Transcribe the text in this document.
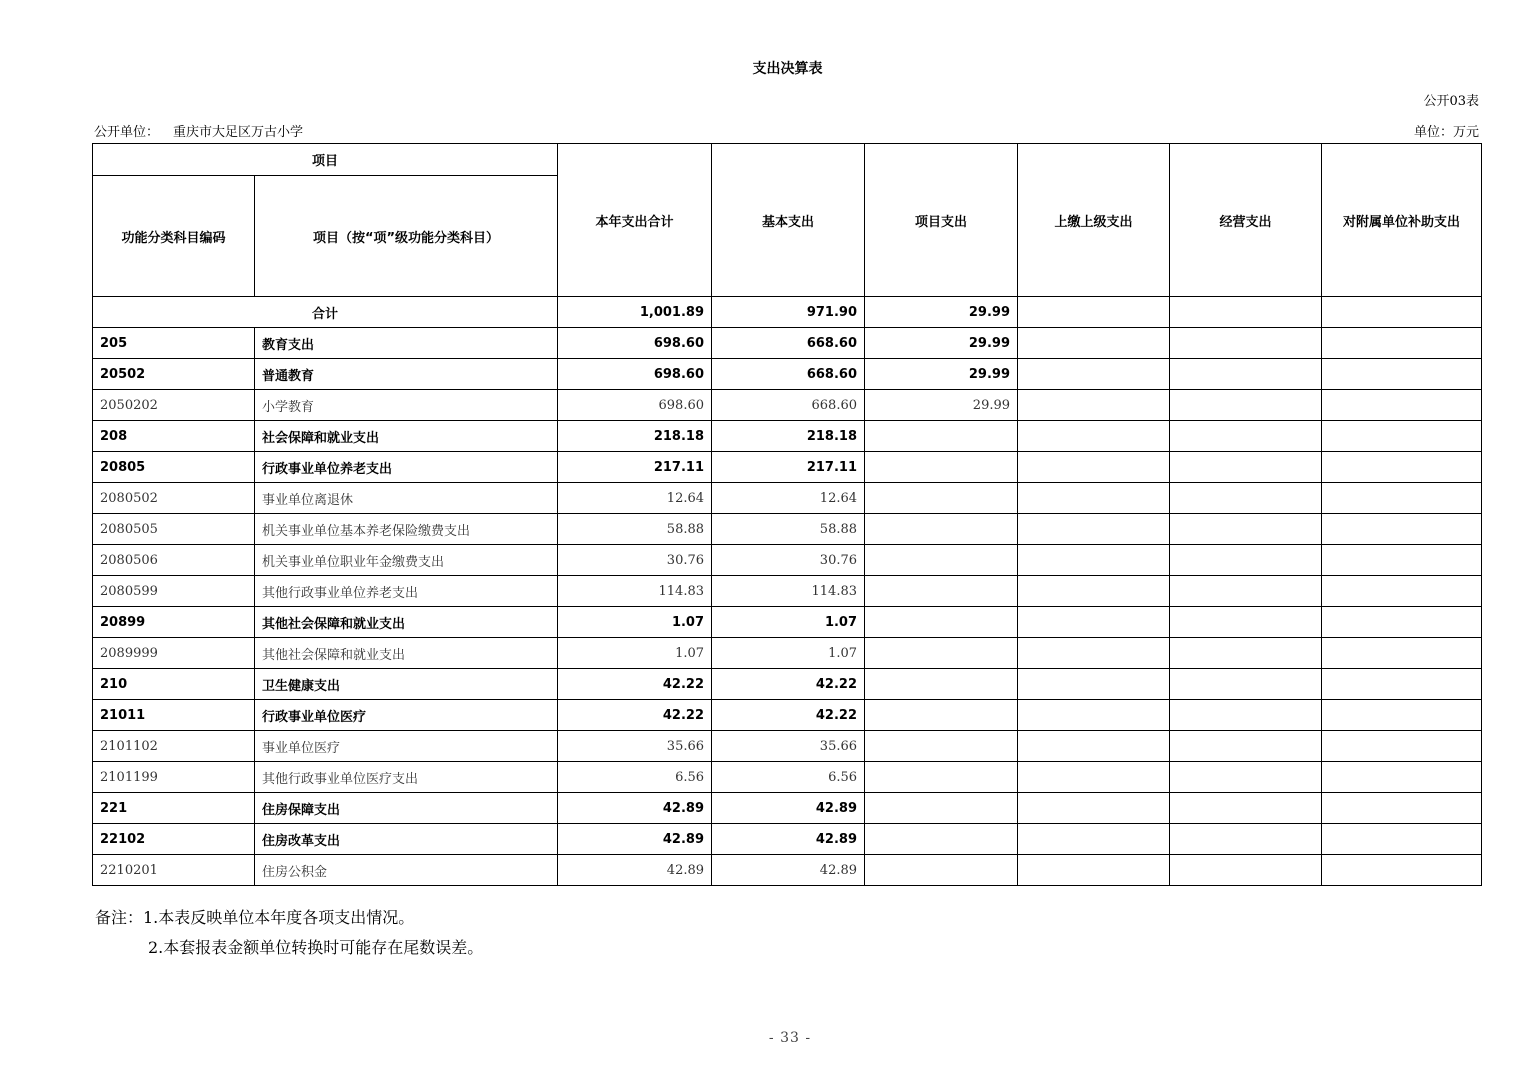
支出决算表
公开03表
公开单位： 重庆市大足区万古小学	单位：万元
项目		本年支出合计	基本支出	项目支出	上缴上级支出	经营支出	对附属单位补助支出
功能分类科目编码	项目（按“项”级功能分类科目）						
合计		1,001.89	971.90	29.99			
205	教育支出	698.60	668.60	29.99			
20502	普通教育	698.60	668.60	29.99			
2050202	小学教育	698.60	668.60	29.99			
208	社会保障和就业支出	218.18	218.18				
20805	行政事业单位养老支出	217.11	217.11				
2080502	事业单位离退休	12.64	12.64				
2080505	机关事业单位基本养老保险缴费支出	58.88	58.88				
2080506	机关事业单位职业年金缴费支出	30.76	30.76				
2080599	其他行政事业单位养老支出	114.83	114.83				
20899	其他社会保障和就业支出	1.07	1.07				
2089999	其他社会保障和就业支出	1.07	1.07				
210	卫生健康支出	42.22	42.22				
21011	行政事业单位医疗	42.22	42.22				
2101102	事业单位医疗	35.66	35.66				
2101199	其他行政事业单位医疗支出	6.56	6.56				
221	住房保障支出	42.89	42.89				
22102	住房改革支出	42.89	42.89				
2210201	住房公积金	42.89	42.89				
备注：1.本表反映单位本年度各项支出情况。
2.本套报表金额单位转换时可能存在尾数误差。
- 33 -
